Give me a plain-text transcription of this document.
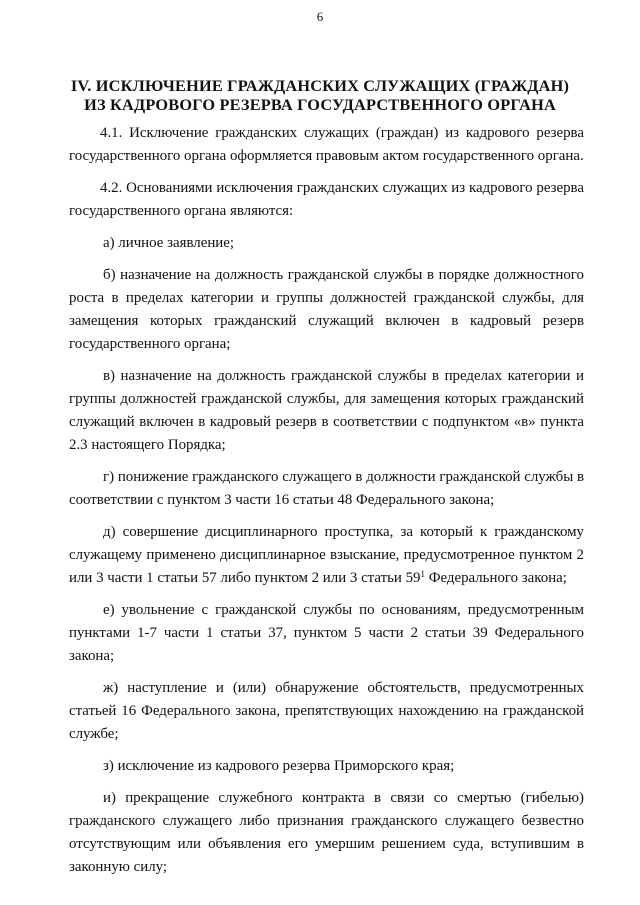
6
IV. ИСКЛЮЧЕНИЕ ГРАЖДАНСКИХ СЛУЖАЩИХ (ГРАЖДАН)
ИЗ КАДРОВОГО РЕЗЕРВА ГОСУДАРСТВЕННОГО ОРГАНА

4.1. Исключение гражданских служащих (граждан) из кадрового резерва государственного органа оформляется правовым актом государственного органа.

4.2. Основаниями исключения гражданских служащих из кадрового резерва государственного органа являются:

а) личное заявление;

б) назначение на должность гражданской службы в порядке должностного роста в пределах категории и группы должностей гражданской службы, для замещения которых гражданский служащий включен в кадровый резерв государственного органа;

в) назначение на должность гражданской службы в пределах категории и группы должностей гражданской службы, для замещения которых гражданский служащий включен в кадровый резерв в соответствии с подпунктом «в» пункта 2.3 настоящего Порядка;

г) понижение гражданского служащего в должности гражданской службы в соответствии с пунктом 3 части 16 статьи 48 Федерального закона;

д) совершение дисциплинарного проступка, за который к гражданскому служащему применено дисциплинарное взыскание, предусмотренное пунктом 2 или 3 части 1 статьи 57 либо пунктом 2 или 3 статьи $59^1$ Федерального закона;

е) увольнение с гражданской службы по основаниям, предусмотренным пунктами 1-7 части 1 статьи 37, пунктом 5 части 2 статьи 39 Федерального закона;

ж) наступление и (или) обнаружение обстоятельств, предусмотренных статьей 16 Федерального закона, препятствующих нахождению на гражданской службе;

з) исключение из кадрового резерва Приморского края;

и) прекращение служебного контракта в связи со смертью (гибелью) гражданского служащего либо признания гражданского служащего безвестно отсутствующим или объявления его умершим решением суда, вступившим в законную силу;
